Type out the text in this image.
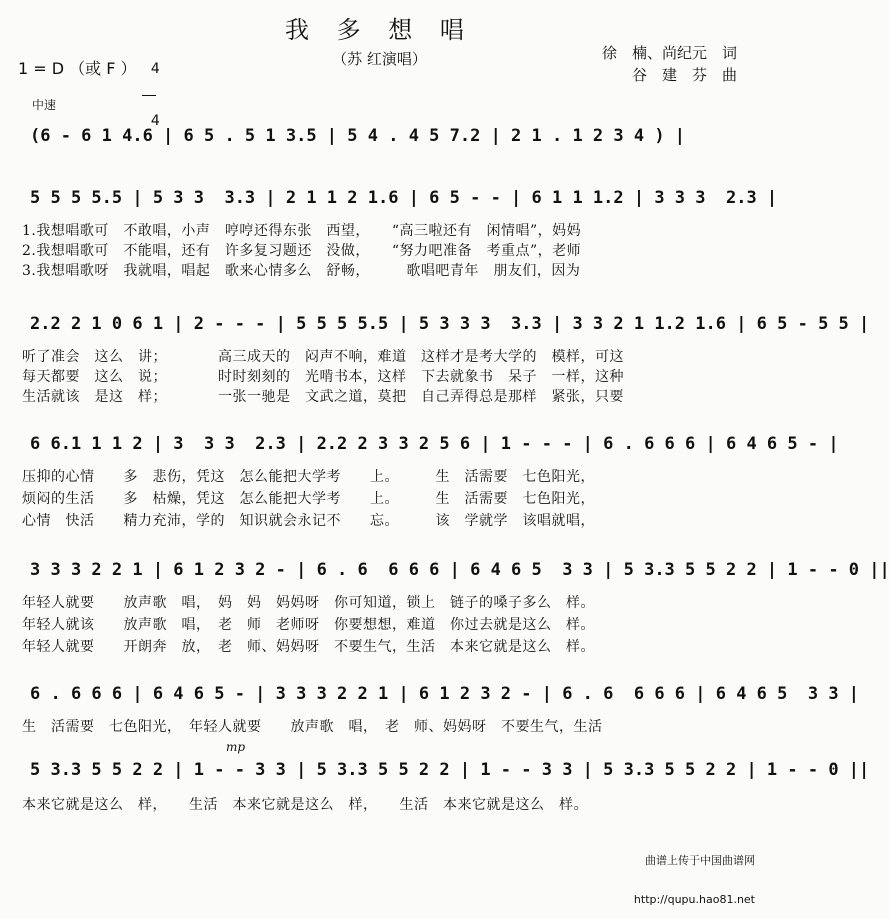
我 多 想 唱
（苏 红演唱）
1 = D （或 F ）	4

4

徐　楠、尚纪元　词
谷　建　芬　曲
中速
(6 - 6 1 4.6 | 6 5 . 5 1 3.5 | 5 4 . 4 5 7.2 | 2 1 . 1 2 3 4 ) |
5 5 5 5.5 | 5 3 3  3.3 | 2 1 1 2 1.6 | 6 5 - - | 6 1 1 1.2 | 3 3 3  2.3 |
1.我想唱歌可　不敢唱，小声　哼哼还得东张　西望，　　“高三啦还有　闲情唱”，妈妈
2.我想唱歌可　不能唱，还有　许多复习题还　没做，　　“努力吧准备　考重点”，老师
3.我想唱歌呀　我就唱，唱起　歌来心情多么　舒畅，　　　歌唱吧青年　朋友们，因为
2.2 2 1 0 6 1 | 2 - - - | 5 5 5 5.5 | 5 3 3 3  3.3 | 3 3 2 1 1.2 1.6 | 6 5 - 5 5 |
听了准会　这么　讲；　　　　高三成天的　闷声不响，难道　这样才是考大学的　模样，可这
每天都要　这么　说；　　　　时时刻刻的　光啃书本，这样　下去就象书　呆子　一样，这种
生活就该　是这　样；　　　　一张一驰是　文武之道，莫把　自己弄得总是那样　紧张，只要
6 6.1 1 1 2 | 3  3 3  2.3 | 2.2 2 3 3 2 5 6 | 1 - - - | 6 . 6 6 6 | 6 4 6 5 - |
压抑的心情　　多　悲伤，凭这　怎么能把大学考　　上。　　　生　活需要　七色阳光，
烦闷的生活　　多　枯燥，凭这　怎么能把大学考　　上。　　　生　活需要　七色阳光，
心情　快活　　精力充沛，学的　知识就会永记不　　忘。　　　该　学就学　该唱就唱，
3 3 3 2 2 1 | 6 1 2 3 2 - | 6 . 6  6 6 6 | 6 4 6 5  3 3 | 5 3.3 5 5 2 2 | 1 - - 0 ||
年轻人就要　　放声歌　唱，　妈　妈　妈妈呀　你可知道，锁上　链子的嗓子多么　样。
年轻人就该　　放声歌　唱，　老　师　老师呀　你要想想，难道　你过去就是这么　样。
年轻人就要　　开朗奔　放，　老　师、妈妈呀　不要生气，生活　本来它就是这么　样。
6 . 6 6 6 | 6 4 6 5 - | 3 3 3 2 2 1 | 6 1 2 3 2 - | 6 . 6  6 6 6 | 6 4 6 5  3 3 |
生　活需要　七色阳光，　年轻人就要　　放声歌　唱，　老　师、妈妈呀　不要生气，生活
mp
5 3.3 5 5 2 2 | 1 - - 3 3 | 5 3.3 5 5 2 2 | 1 - - 3 3 | 5 3.3 5 5 2 2 | 1 - - 0 ||
本来它就是这么　样，　　生活　本来它就是这么　样，　　生活　本来它就是这么　样。

曲谱上传于中国曲谱网

http://qupu.hao81.net
